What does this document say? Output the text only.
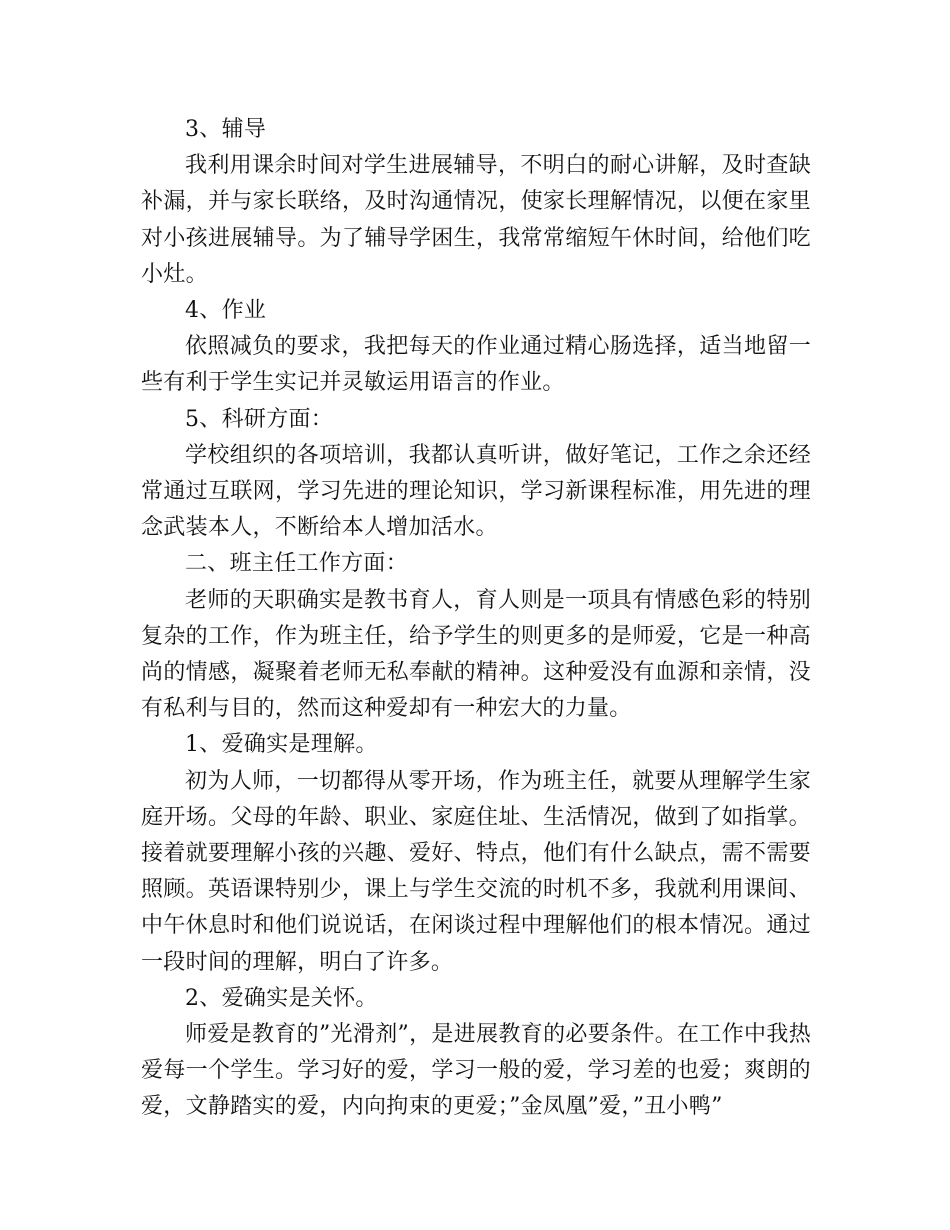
3、辅导

我利用课余时间对学生进展辅导，不明白的耐心讲解，及时查缺补漏，并与家长联络，及时沟通情况，使家长理解情况，以便在家里对小孩进展辅导。为了辅导学困生，我常常缩短午休时间，给他们吃小灶。

4、作业

依照减负的要求，我把每天的作业通过精心肠选择，适当地留一些有利于学生实记并灵敏运用语言的作业。

5、科研方面：

学校组织的各项培训，我都认真听讲，做好笔记，工作之余还经常通过互联网，学习先进的理论知识，学习新课程标准，用先进的理念武装本人，不断给本人增加活水。

二、班主任工作方面：

老师的天职确实是教书育人，育人则是一项具有情感色彩的特别复杂的工作，作为班主任，给予学生的则更多的是师爱，它是一种高尚的情感，凝聚着老师无私奉献的精神。这种爱没有血源和亲情，没有私利与目的，然而这种爱却有一种宏大的力量。

1、爱确实是理解。

初为人师，一切都得从零开场，作为班主任，就要从理解学生家庭开场。父母的年龄、职业、家庭住址、生活情况，做到了如指掌。接着就要理解小孩的兴趣、爱好、特点，他们有什么缺点，需不需要照顾。英语课特别少，课上与学生交流的时机不多，我就利用课间、中午休息时和他们说说话，在闲谈过程中理解他们的根本情况。通过一段时间的理解，明白了许多。

2、爱确实是关怀。

师爱是教育的”光滑剂”，是进展教育的必要条件。在工作中我热爱每一个学生。学习好的爱，学习一般的爱，学习差的也爱；爽朗的爱，文静踏实的爱，内向拘束的更爱；”金凤凰”爱，”丑小鸭”
